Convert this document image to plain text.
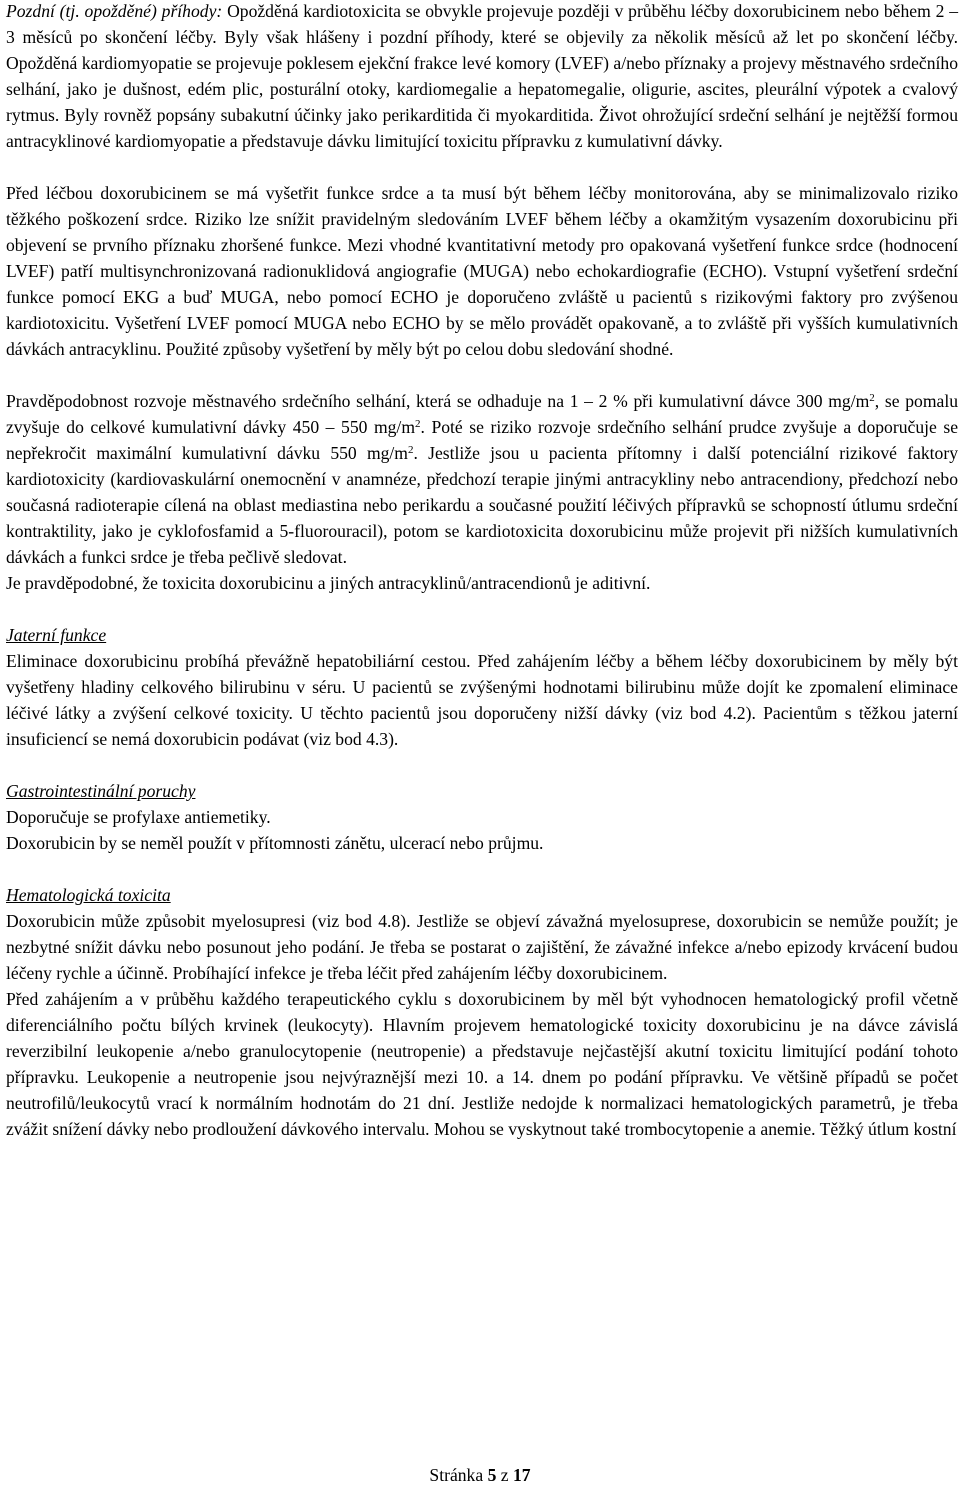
Pozdní (tj. opožděné) příhody: Opožděná kardiotoxicita se obvykle projevuje později v průběhu léčby doxorubicinem nebo během 2 – 3 měsíců po skončení léčby. Byly však hlášeny i pozdní příhody, které se objevily za několik měsíců až let po skončení léčby. Opožděná kardiomyopatie se projevuje poklesem ejekční frakce levé komory (LVEF) a/nebo příznaky a projevy městnavého srdečního selhání, jako je dušnost, edém plic, posturální otoky, kardiomegalie a hepatomegalie, oligurie, ascites, pleurální výpotek a cvalový rytmus. Byly rovněž popsány subakutní účinky jako perikarditida či myokarditida. Život ohrožující srdeční selhání je nejtěžší formou antracyklinové kardiomyopatie a představuje dávku limitující toxicitu přípravku z kumulativní dávky.

Před léčbou doxorubicinem se má vyšetřit funkce srdce a ta musí být během léčby monitorována, aby se minimalizovalo riziko těžkého poškození srdce. Riziko lze snížit pravidelným sledováním LVEF během léčby a okamžitým vysazením doxorubicinu při objevení se prvního příznaku zhoršené funkce. Mezi vhodné kvantitativní metody pro opakovaná vyšetření funkce srdce (hodnocení LVEF) patří multisynchronizovaná radionuklidová angiografie (MUGA) nebo echokardiografie (ECHO). Vstupní vyšetření srdeční funkce pomocí EKG a buď MUGA, nebo pomocí ECHO je doporučeno zvláště u pacientů s rizikovými faktory pro zvýšenou kardiotoxicitu. Vyšetření LVEF pomocí MUGA nebo ECHO by se mělo provádět opakovaně, a to zvláště při vyšších kumulativních dávkách antracyklinu. Použité způsoby vyšetření by měly být po celou dobu sledování shodné.

Pravděpodobnost rozvoje městnavého srdečního selhání, která se odhaduje na 1 – 2 % při kumulativní dávce 300 $mg/m^2$, se pomalu zvyšuje do celkové kumulativní dávky 450 – 550 $mg/m^2$. Poté se riziko rozvoje srdečního selhání prudce zvyšuje a doporučuje se nepřekročit maximální kumulativní dávku 550 $mg/m^2$. Jestliže jsou u pacienta přítomny i další potenciální rizikové faktory kardiotoxicity (kardiovaskulární onemocnění v anamnéze, předchozí terapie jinými antracykliny nebo antracendiony, předchozí nebo současná radioterapie cílená na oblast mediastina nebo perikardu a současné použití léčivých přípravků se schopností útlumu srdeční kontraktility, jako je cyklofosfamid a 5-fluorouracil), potom se kardiotoxicita doxorubicinu může projevit při nižších kumulativních dávkách a funkci srdce je třeba pečlivě sledovat.

Je pravděpodobné, že toxicita doxorubicinu a jiných antracyklinů/antracendionů je aditivní.

Jaterní funkce

Eliminace doxorubicinu probíhá převážně hepatobiliární cestou. Před zahájením léčby a během léčby doxorubicinem by měly být vyšetřeny hladiny celkového bilirubinu v séru. U pacientů se zvýšenými hodnotami bilirubinu může dojít ke zpomalení eliminace léčivé látky a zvýšení celkové toxicity. U těchto pacientů jsou doporučeny nižší dávky (viz bod 4.2). Pacientům s těžkou jaterní insuficiencí se nemá doxorubicin podávat (viz bod 4.3).

Gastrointestinální poruchy

Doporučuje se profylaxe antiemetiky.

Doxorubicin by se neměl použít v přítomnosti zánětu, ulcerací nebo průjmu.

Hematologická toxicita

Doxorubicin může způsobit myelosupresi (viz bod 4.8). Jestliže se objeví závažná myelosuprese, doxorubicin se nemůže použít; je nezbytné snížit dávku nebo posunout jeho podání. Je třeba se postarat o zajištění, že závažné infekce a/nebo epizody krvácení budou léčeny rychle a účinně. Probíhající infekce je třeba léčit před zahájením léčby doxorubicinem.

Před zahájením a v průběhu každého terapeutického cyklu s doxorubicinem by měl být vyhodnocen hematologický profil včetně diferenciálního počtu bílých krvinek (leukocyty). Hlavním projevem hematologické toxicity doxorubicinu je na dávce závislá reverzibilní leukopenie a/nebo granulocytopenie (neutropenie) a představuje nejčastější akutní toxicitu limitující podání tohoto přípravku. Leukopenie a neutropenie jsou nejvýraznější mezi 10. a 14. dnem po podání přípravku. Ve většině případů se počet neutrofilů/leukocytů vrací k normálním hodnotám do 21 dní. Jestliže nedojde k normalizaci hematologických parametrů, je třeba zvážit snížení dávky nebo prodloužení dávkového intervalu. Mohou se vyskytnout také trombocytopenie a anemie. Těžký útlum kostní

Stránka 5 z 17
